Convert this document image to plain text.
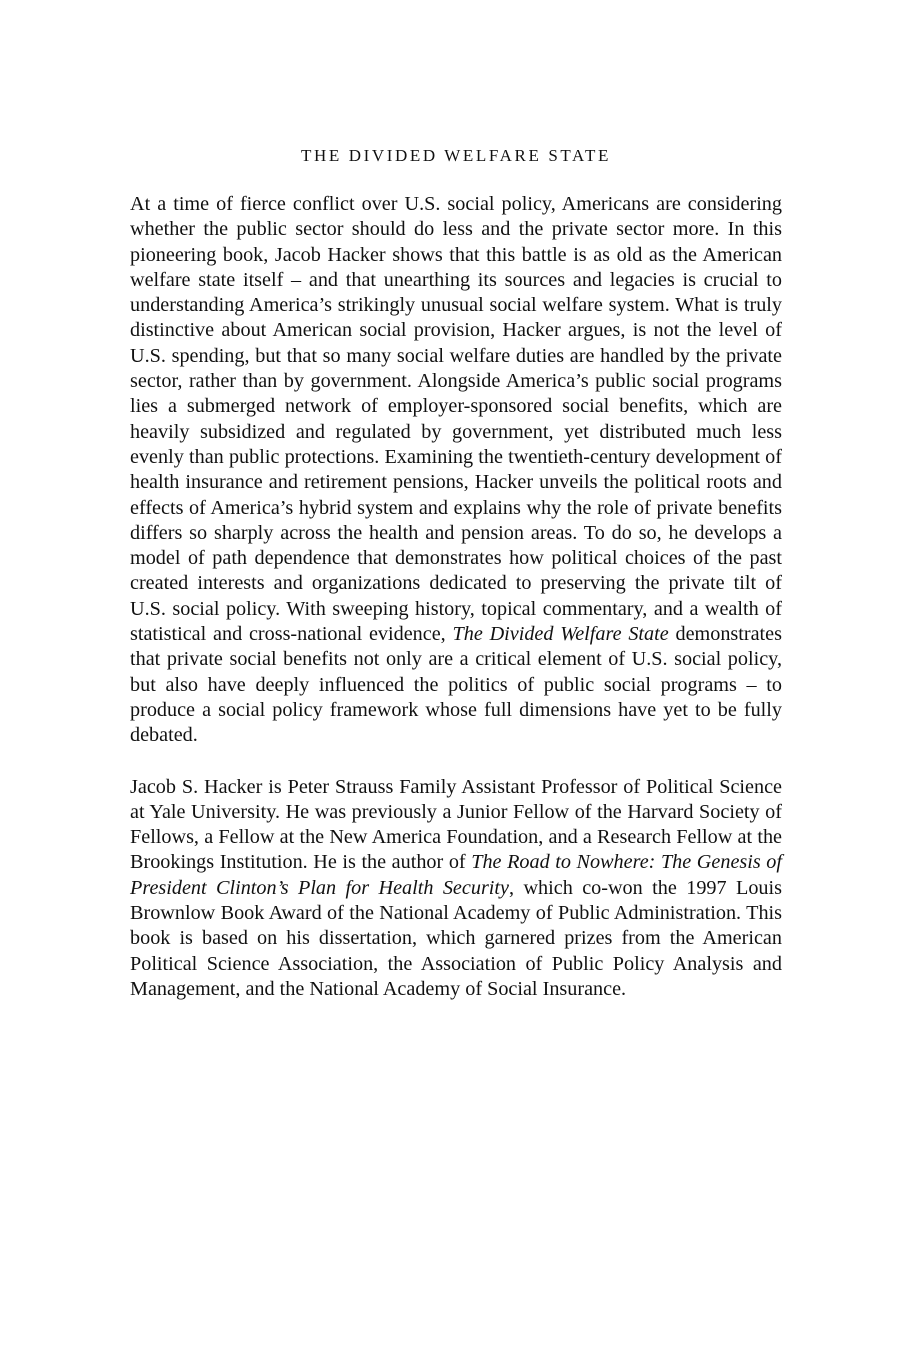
THE DIVIDED WELFARE STATE

At a time of fierce conflict over U.S. social policy, Americans are considering whether the public sector should do less and the private sector more. In this pioneering book, Jacob Hacker shows that this battle is as old as the American welfare state itself – and that unearthing its sources and legacies is crucial to understanding America’s strikingly unusual social welfare system. What is truly distinctive about American social provision, Hacker argues, is not the level of U.S. spending, but that so many social welfare duties are handled by the private sector, rather than by government. Alongside America’s public social programs lies a submerged network of employer-sponsored social benefits, which are heavily subsidized and regulated by government, yet distributed much less evenly than public protections. Examining the twentieth-century development of health insurance and retirement pensions, Hacker unveils the political roots and effects of America’s hybrid system and explains why the role of private benefits differs so sharply across the health and pension areas. To do so, he develops a model of path dependence that demonstrates how political choices of the past created interests and organizations dedicated to preserving the private tilt of U.S. social policy. With sweeping history, topical commentary, and a wealth of statistical and cross-national evidence, The Divided Welfare State demonstrates that private social benefits not only are a critical element of U.S. social policy, but also have deeply influenced the politics of public social programs – to produce a social policy framework whose full dimensions have yet to be fully debated.

Jacob S. Hacker is Peter Strauss Family Assistant Professor of Political Science at Yale University. He was previously a Junior Fellow of the Harvard Society of Fellows, a Fellow at the New America Foundation, and a Research Fellow at the Brookings Institution. He is the author of The Road to Nowhere: The Genesis of President Clinton’s Plan for Health Security, which co-won the 1997 Louis Brownlow Book Award of the National Academy of Public Administration. This book is based on his dissertation, which garnered prizes from the American Political Science Association, the Association of Public Policy Analysis and Management, and the National Academy of Social Insurance.
